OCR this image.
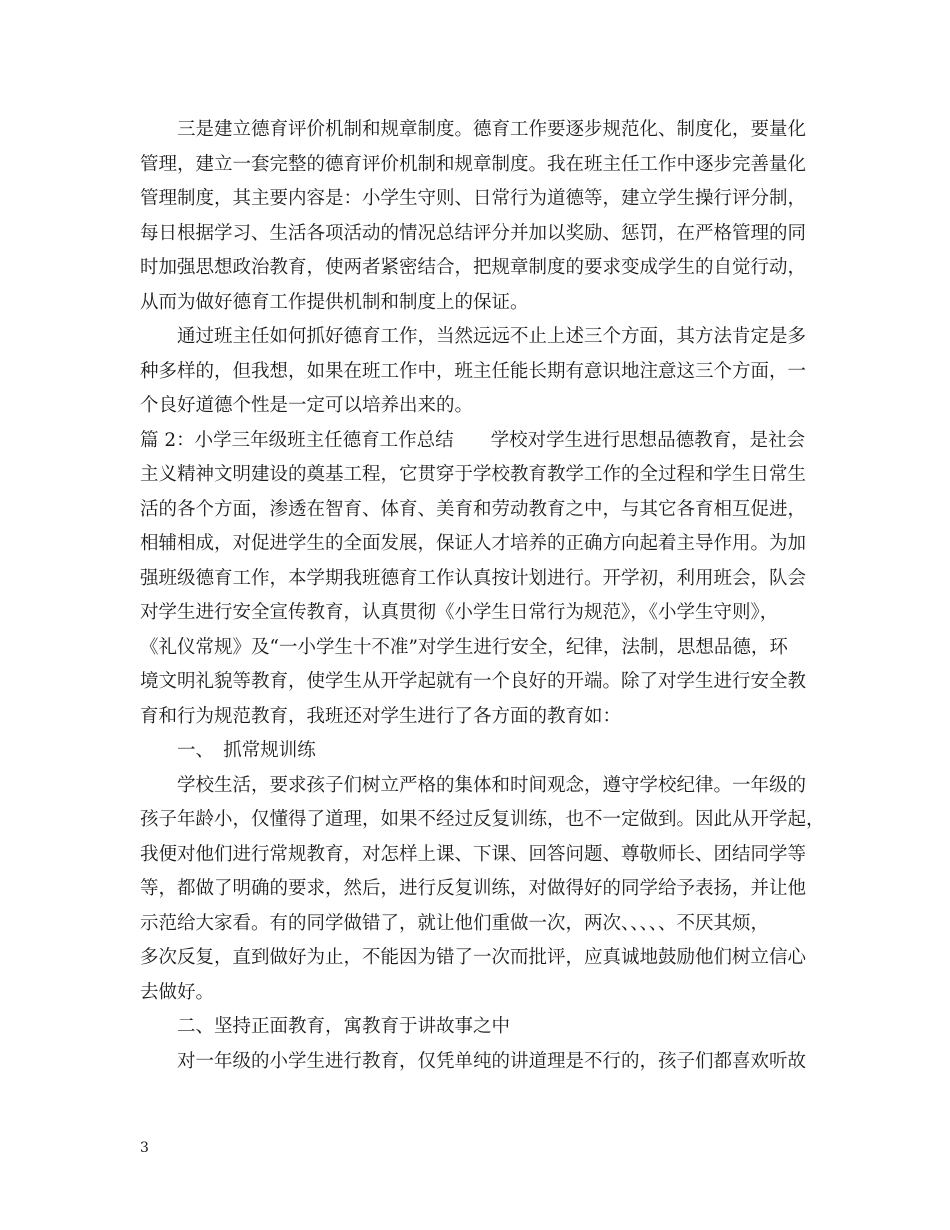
三是建立德育评价机制和规章制度。德育工作要逐步规范化、制度化，要量化
管理，建立一套完整的德育评价机制和规章制度。我在班主任工作中逐步完善量化
管理制度，其主要内容是：小学生守则、日常行为道德等，建立学生操行评分制，
每日根据学习、生活各项活动的情况总结评分并加以奖励、惩罚，在严格管理的同
时加强思想政治教育，使两者紧密结合，把规章制度的要求变成学生的自觉行动，
从而为做好德育工作提供机制和制度上的保证。
通过班主任如何抓好德育工作，当然远远不止上述三个方面，其方法肯定是多
种多样的，但我想，如果在班工作中，班主任能长期有意识地注意这三个方面，一
个良好道德个性是一定可以培养出来的。
篇 2：小学三年级班主任德育工作总结　　学校对学生进行思想品德教育，是社会
主义精神文明建设的奠基工程，它贯穿于学校教育教学工作的全过程和学生日常生
活的各个方面，渗透在智育、体育、美育和劳动教育之中，与其它各育相互促进，
相辅相成，对促进学生的全面发展，保证人才培养的正确方向起着主导作用。为加
强班级德育工作，本学期我班德育工作认真按计划进行。开学初，利用班会，队会
对学生进行安全宣传教育，认真贯彻《小学生日常行为规范》，《小学生守则》，
《礼仪常规》及“一小学生十不准”对学生进行安全，纪律，法制，思想品德，环
境文明礼貌等教育，使学生从开学起就有一个良好的开端。除了对学生进行安全教
育和行为规范教育，我班还对学生进行了各方面的教育如：
一、　抓常规训练
学校生活，要求孩子们树立严格的集体和时间观念，遵守学校纪律。一年级的
孩子年龄小，仅懂得了道理，如果不经过反复训练，也不一定做到。因此从开学起，
我便对他们进行常规教育，对怎样上课、下课、回答问题、尊敬师长、团结同学等
等，都做了明确的要求，然后，进行反复训练，对做得好的同学给予表扬，并让他
示范给大家看。有的同学做错了，就让他们重做一次，两次、、、、、不厌其烦，
多次反复，直到做好为止，不能因为错了一次而批评，应真诚地鼓励他们树立信心
去做好。
二、坚持正面教育，寓教育于讲故事之中
对一年级的小学生进行教育，仅凭单纯的讲道理是不行的，孩子们都喜欢听故
3
